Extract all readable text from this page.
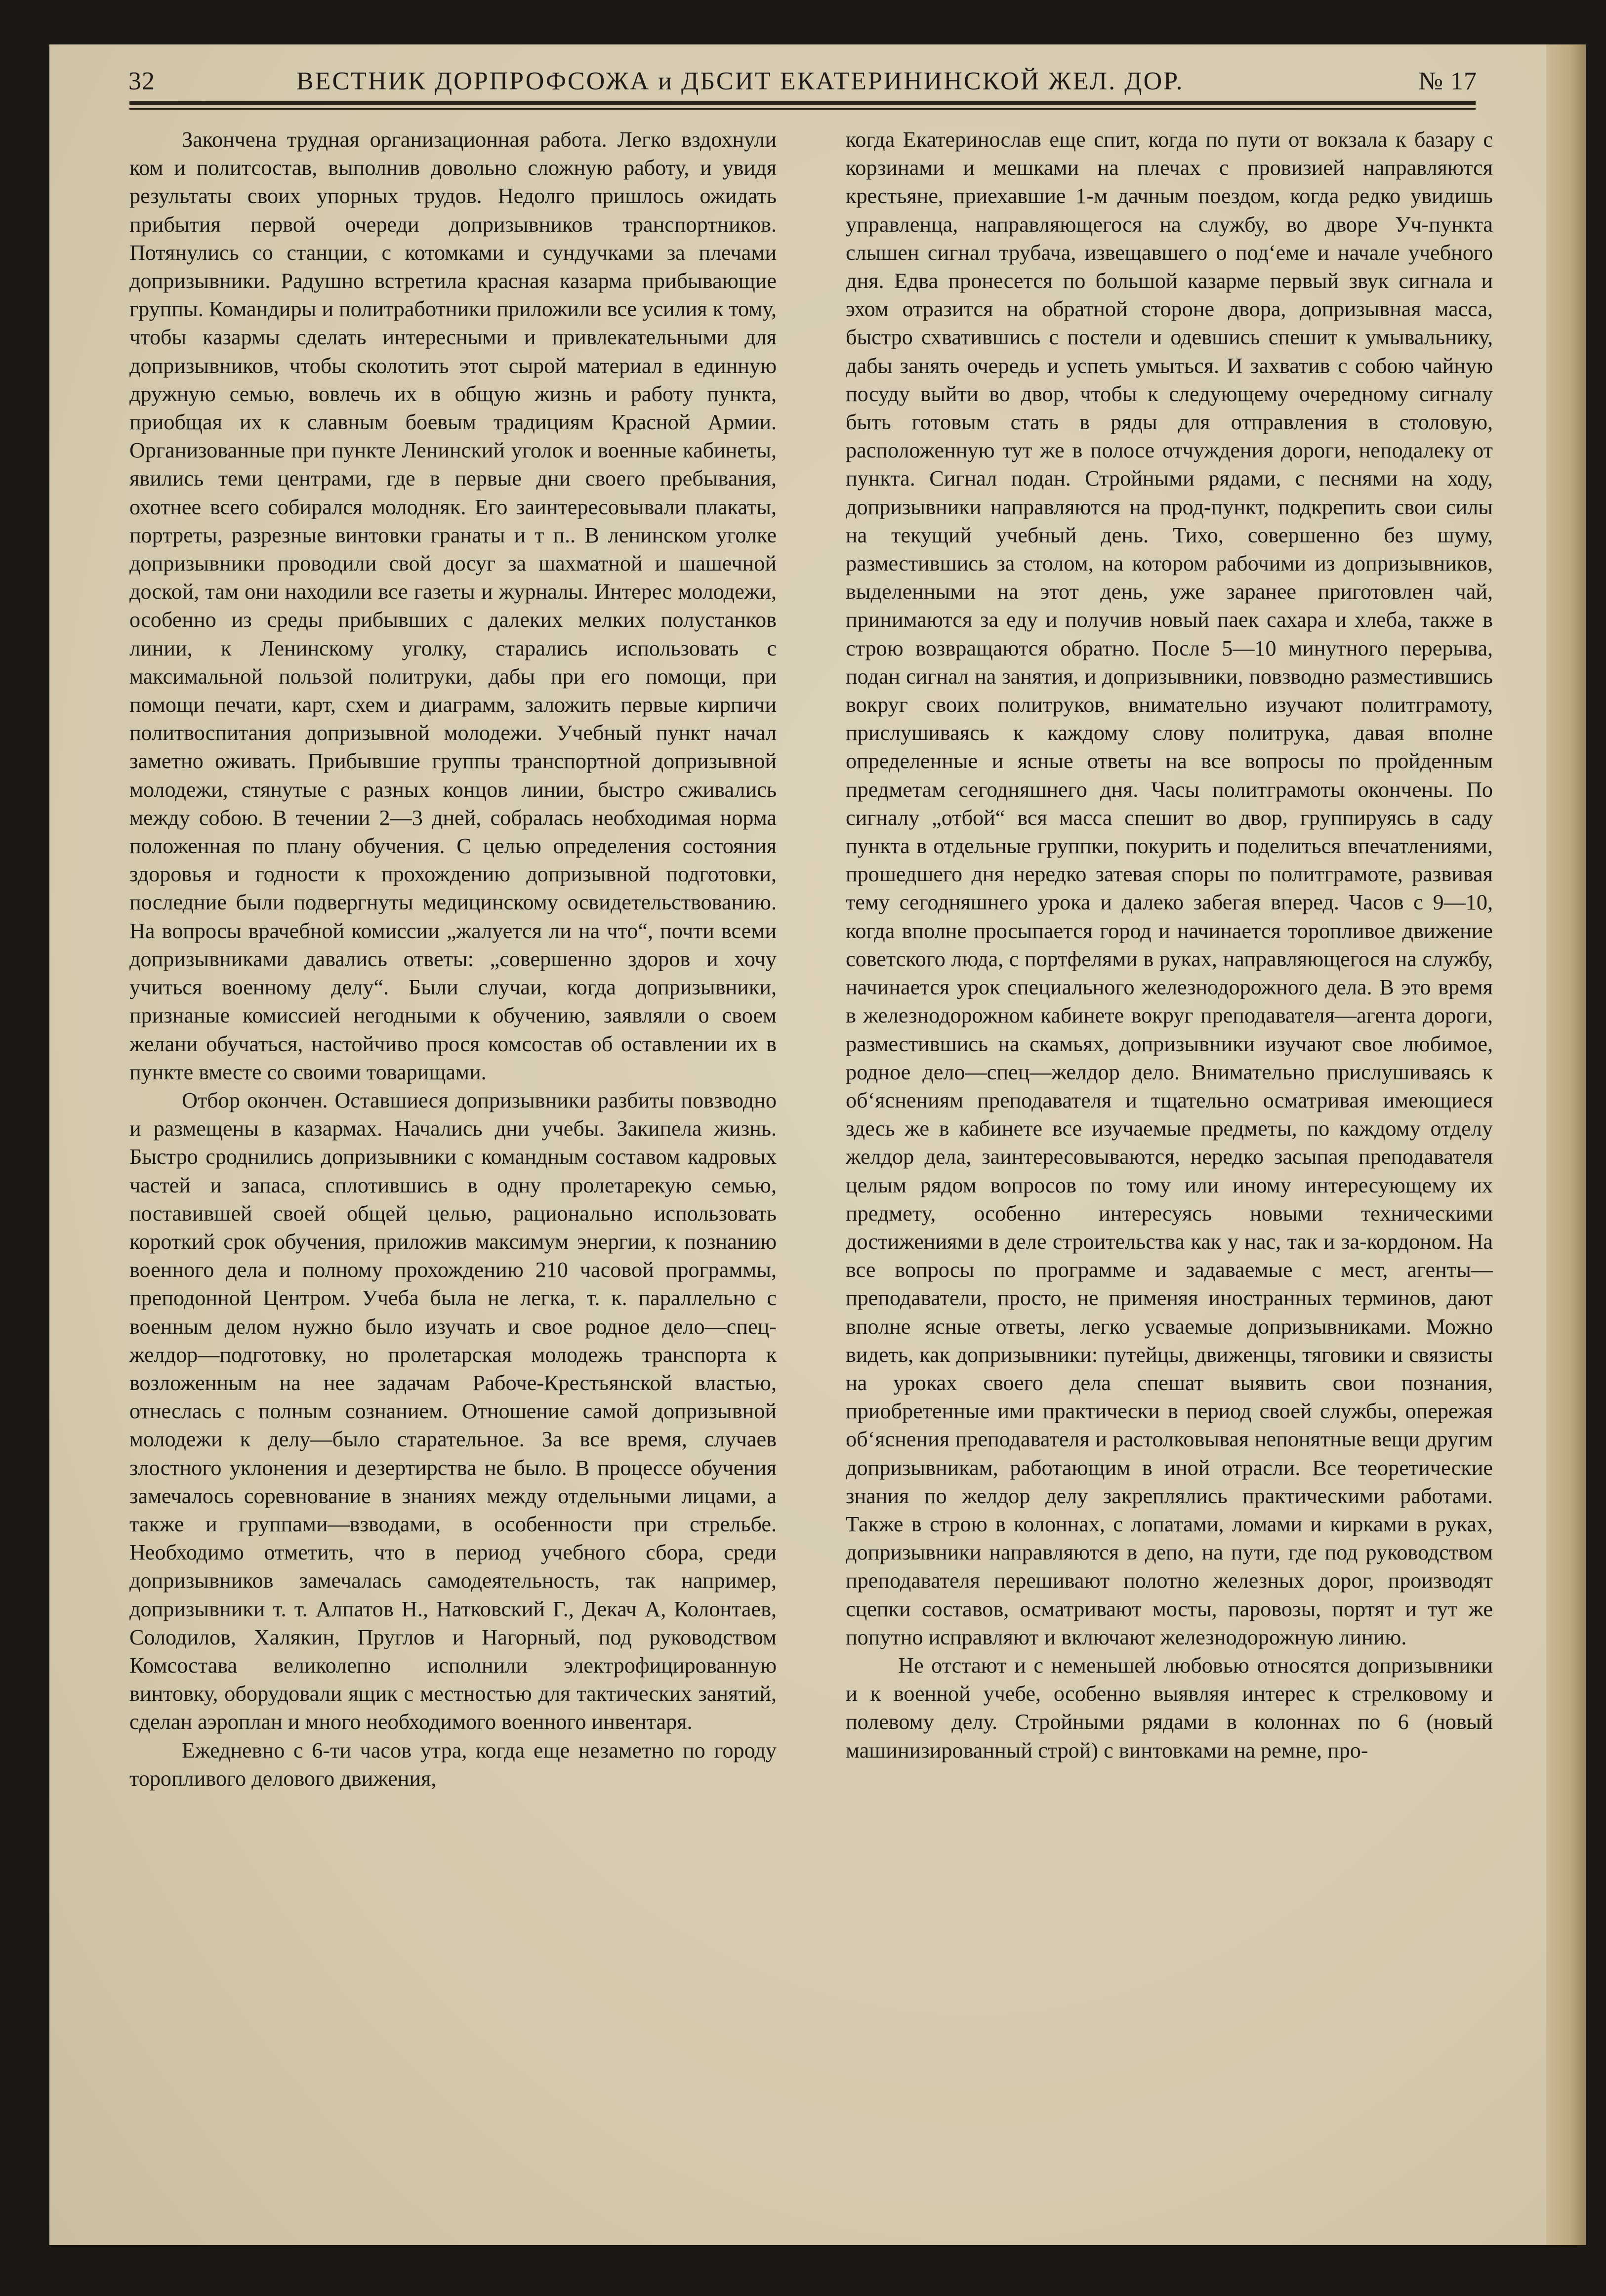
32	ВЕСТНИК ДОРПРОФСОЖА и ДБСИТ ЕКАТЕРИНИНСКОЙ ЖЕЛ. ДОР.	№ 17

Закончена трудная организационная работа. Легко вздохнули ком и политсостав, выполнив довольно сложную работу, и увидя результаты своих упорных трудов. Недолго пришлось ожидать прибытия первой очереди допризывников транспортников. Потянулись со станции, с котомками и сундучками за плечами допризывники. Радушно встретила красная казарма прибывающие группы. Командиры и политработники приложили все усилия к тому, чтобы казармы сделать интересными и привлекательными для допризывников, чтобы сколотить этот сырой материал в единную дружную семью, вовлечь их в общую жизнь и работу пункта, приобщая их к славным боевым традициям Красной Армии. Организованные при пункте Ленинский уголок и военные кабинеты, явились теми центрами, где в первые дни своего пребывания, охотнее всего собирался молодняк. Его заинтересовывали плакаты, портреты, разрезные винтовки гранаты и т п.. В ленинском уголке допризывники проводили свой досуг за шахматной и шашечной доской, там они находили все газеты и журналы. Интерес молодежи, особенно из среды прибывших с далеких мелких полустанков линии, к Ленинскому уголку, старались использовать с максимальной пользой политруки, дабы при его помощи, при помощи печати, карт, схем и диаграмм, заложить первые кирпичи политвоспитания допризывной молодежи. Учебный пункт начал заметно оживать. Прибывшие группы транспортной допризывной молодежи, стянутые с разных концов линии, быстро сживались между собою. В течении 2—3 дней, собралась необходимая норма положенная по плану обучения. С целью определения состояния здоровья и годности к прохождению допризывной подготовки, последние были подвергнуты медицинскому освидетельствованию. На вопросы врачебной комиссии „жалуется ли на что“, почти всеми допризывниками давались ответы: „совершенно здоров и хочу учиться военному делу“. Были случаи, когда допризывники, признаные комиссией негодными к обучению, заявляли о своем желани обучаться, настойчиво прося комсостав об оставлении их в пункте вместе со своими товарищами.

Отбор окончен. Оставшиеся допризывники разбиты повзводно и размещены в казармах. Начались дни учебы. Закипела жизнь. Быстро сроднились допризывники с командным составом кадровых частей и запаса, сплотившись в одну пролетарекую семью, поставившей своей общей целью, рационально использовать короткий срок обучения, приложив максимум энергии, к познанию военного дела и полному прохождению 210 часовой программы, преподонной Центром. Учеба была не легка, т. к. параллельно с военным делом нужно было изучать и свое родное дело—спец-желдор—подготовку, но пролетарская молодежь транспорта к возложенным на нее задачам Рабоче-Крестьянской властью, отнеслась с полным сознанием. Отношение самой допризывной молодежи к делу—было старательное. За все время, случаев злостного уклонения и дезертирства не было. В процессе обучения замечалось соревнование в знаниях между отдельными лицами, а также и группами—взводами, в особенности при стрельбе. Необходимо отметить, что в период учебного сбора, среди допризывников замечалась самодеятельность, так например, допризывники т. т. Алпатов Н., Натковский Г., Декач А, Колонтаев, Солодилов, Халякин, Пруглов и Нагорный, под руководством Комсостава великолепно исполнили электрофицированную винтовку, оборудовали ящик с местностью для тактических занятий, сделан аэроплан и много необходимого военного инвентаря.

Ежедневно с 6-ти часов утра, когда еще незаметно по городу торопливого делового движения,

когда Екатеринослав еще спит, когда по пути от вокзала к базару с корзинами и мешками на плечах с провизией направляются крестьяне, приехавшие 1-м дачным поездом, когда редко увидишь управленца, направляющегося на службу, во дворе Уч-пункта слышен сигнал трубача, извещавшего о под‘еме и начале учебного дня. Едва пронесется по большой казарме первый звук сигнала и эхом отразится на обратной стороне двора, допризывная масса, быстро схватившись с постели и одевшись спешит к умывальнику, дабы занять очередь и успеть умыться. И захватив с собою чайную посуду выйти во двор, чтобы к следующему очередному сигналу быть готовым стать в ряды для отправления в столовую, расположенную тут же в полосе отчуждения дороги, неподалеку от пункта. Сигнал подан. Стройными рядами, с песнями на ходу, допризывники направляются на прод-пункт, подкрепить свои силы на текущий учебный день. Тихо, совершенно без шуму, разместившись за столом, на котором рабочими из допризывников, выделенными на этот день, уже заранее приготовлен чай, принимаются за еду и получив новый паек сахара и хлеба, также в строю возвращаются обратно. После 5—10 минутного перерыва, подан сигнал на занятия, и допризывники, повзводно разместившись вокруг своих политруков, внимательно изучают политграмоту, прислушиваясь к каждому слову политрука, давая вполне определенные и ясные ответы на все вопросы по пройденным предметам сегодняшнего дня. Часы политграмоты окончены. По сигналу „отбой“ вся масса спешит во двор, группируясь в саду пункта в отдельные группки, покурить и поделиться впечатлениями, прошедшего дня нередко затевая споры по политграмоте, развивая тему сегодняшнего урока и далеко забегая вперед. Часов с 9—10, когда вполне просыпается город и начинается торопливое движение советского люда, с портфелями в руках, направляющегося на службу, начинается урок специального железнодорожного дела. В это время в железнодорожном кабинете вокруг преподавателя—агента дороги, разместившись на скамьях, допризывники изучают свое любимое, родное дело—спец—желдор дело. Внимательно прислушиваясь к об‘яснениям преподавателя и тщательно осматривая имеющиеся здесь же в кабинете все изучаемые предметы, по каждому отделу желдор дела, заинтересовываются, нередко засыпая преподавателя целым рядом вопросов по тому или иному интересующему их предмету, особенно интересуясь новыми техническими достижениями в деле строительства как у нас, так и за-кордоном. На все вопросы по программе и задаваемые с мест, агенты—преподаватели, просто, не применяя иностранных терминов, дают вполне ясные ответы, легко усваемые допризывниками. Можно видеть, как допризывники: путейцы, движенцы, тяговики и связисты на уроках своего дела спешат выявить свои познания, приобретенные ими практически в период своей службы, опережая об‘яснения преподавателя и растолковывая непонятные вещи другим допризывникам, работающим в иной отрасли. Все теоретические знания по желдор делу закреплялись практическими работами. Также в строю в колоннах, с лопатами, ломами и кирками в руках, допризывники направляются в депо, на пути, где под руководством преподавателя перешивают полотно железных дорог, производят сцепки составов, осматривают мосты, паровозы, портят и тут же попутно исправляют и включают железнодорожную линию.

Не отстают и с неменьшей любовью относятся допризывники и к военной учебе, особенно выявляя интерес к стрелковому и полевому делу. Стройными рядами в колоннах по 6 (новый машинизированный строй) с винтовками на ремне, про-
